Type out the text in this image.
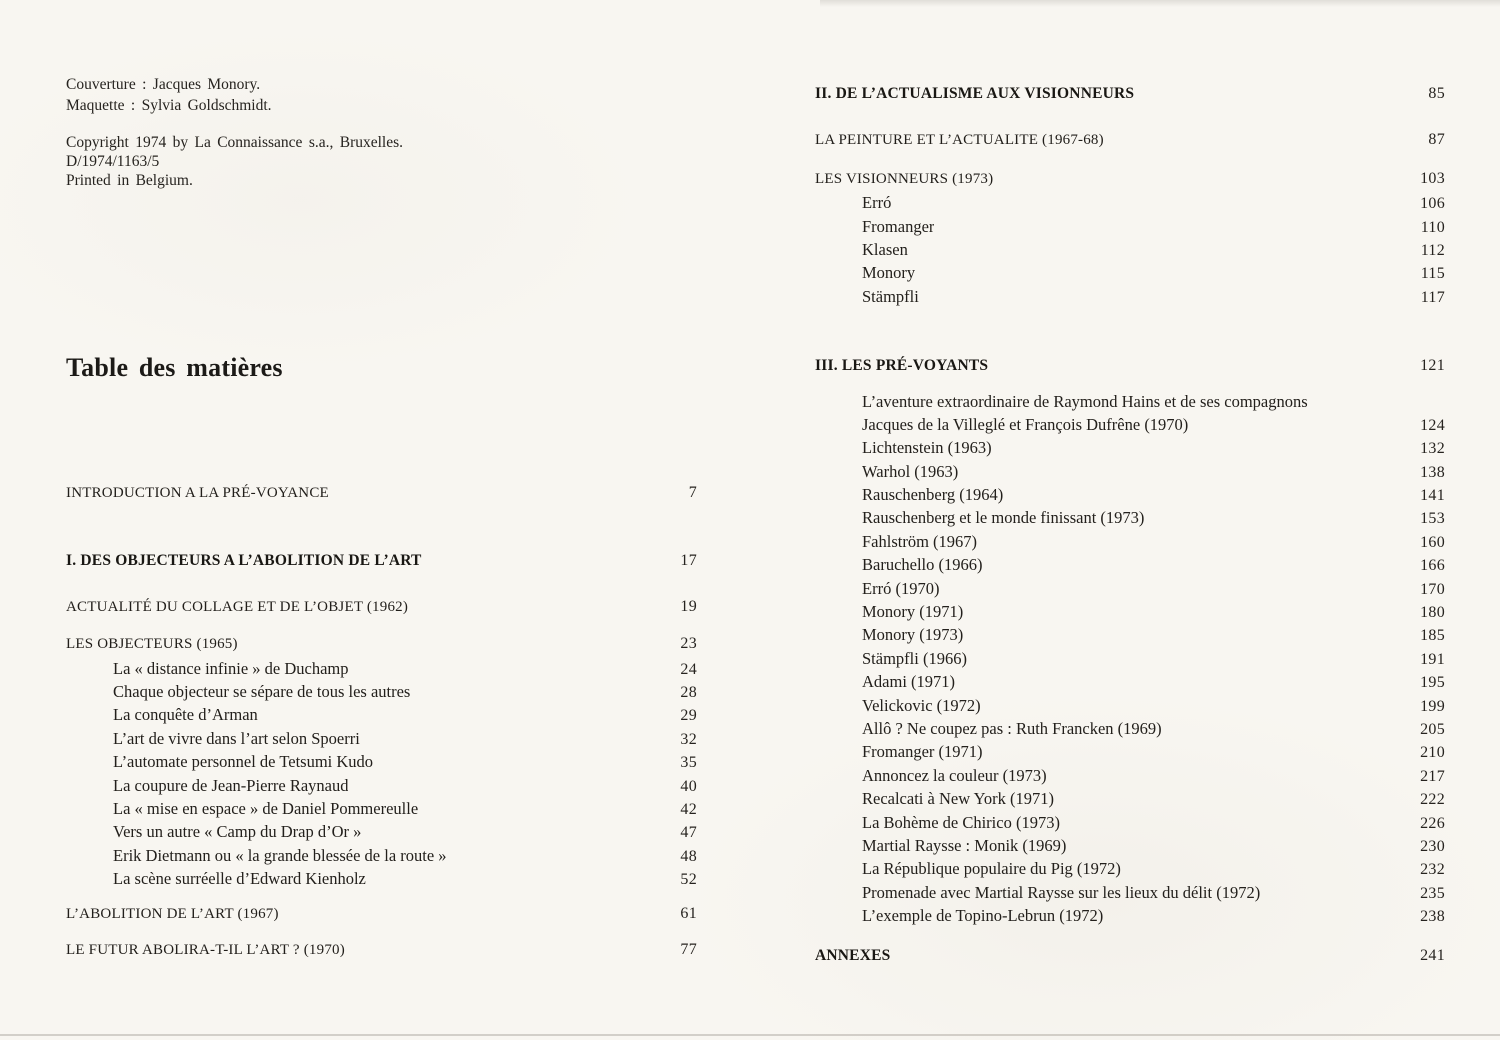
Couverture : Jacques Monory.
Maquette : Sylvia Goldschmidt.
Copyright 1974 by La Connaissance s.a., Bruxelles.
D/1974/1163/5
Printed in Belgium.
Table des matières
INTRODUCTION A LA PRÉ-VOYANCE	7
I. DES OBJECTEURS A L’ABOLITION DE L’ART	17
ACTUALITÉ DU COLLAGE ET DE L’OBJET (1962)	19
LES OBJECTEURS (1965)	23
La « distance infinie » de Duchamp	24
Chaque objecteur se sépare de tous les autres	28
La conquête d’Arman	29
L’art de vivre dans l’art selon Spoerri	32
L’automate personnel de Tetsumi Kudo	35
La coupure de Jean-Pierre Raynaud	40
La « mise en espace » de Daniel Pommereulle	42
Vers un autre « Camp du Drap d’Or »	47
Erik Dietmann ou « la grande blessée de la route »	48
La scène surréelle d’Edward Kienholz	52
L’ABOLITION DE L’ART (1967)	61
LE FUTUR ABOLIRA-T-IL L’ART ? (1970)	77
II. DE L’ACTUALISME AUX VISIONNEURS	85
LA PEINTURE ET L’ACTUALITE (1967-68)	87
LES VISIONNEURS (1973)	103
Erró	106
Fromanger	110
Klasen	112
Monory	115
Stämpfli	117
III. LES PRÉ-VOYANTS	121
L’aventure extraordinaire de Raymond Hains et de ses compagnons
Jacques de la Villeglé et François Dufrêne (1970)	124
Lichtenstein (1963)	132
Warhol (1963)	138
Rauschenberg (1964)	141
Rauschenberg et le monde finissant (1973)	153
Fahlström (1967)	160
Baruchello (1966)	166
Erró (1970)	170
Monory (1971)	180
Monory (1973)	185
Stämpfli (1966)	191
Adami (1971)	195
Velickovic (1972)	199
Allô ? Ne coupez pas : Ruth Francken (1969)	205
Fromanger (1971)	210
Annoncez la couleur (1973)	217
Recalcati à New York (1971)	222
La Bohème de Chirico (1973)	226
Martial Raysse : Monik (1969)	230
La République populaire du Pig (1972)	232
Promenade avec Martial Raysse sur les lieux du délit (1972)	235
L’exemple de Topino-Lebrun (1972)	238
ANNEXES	241
